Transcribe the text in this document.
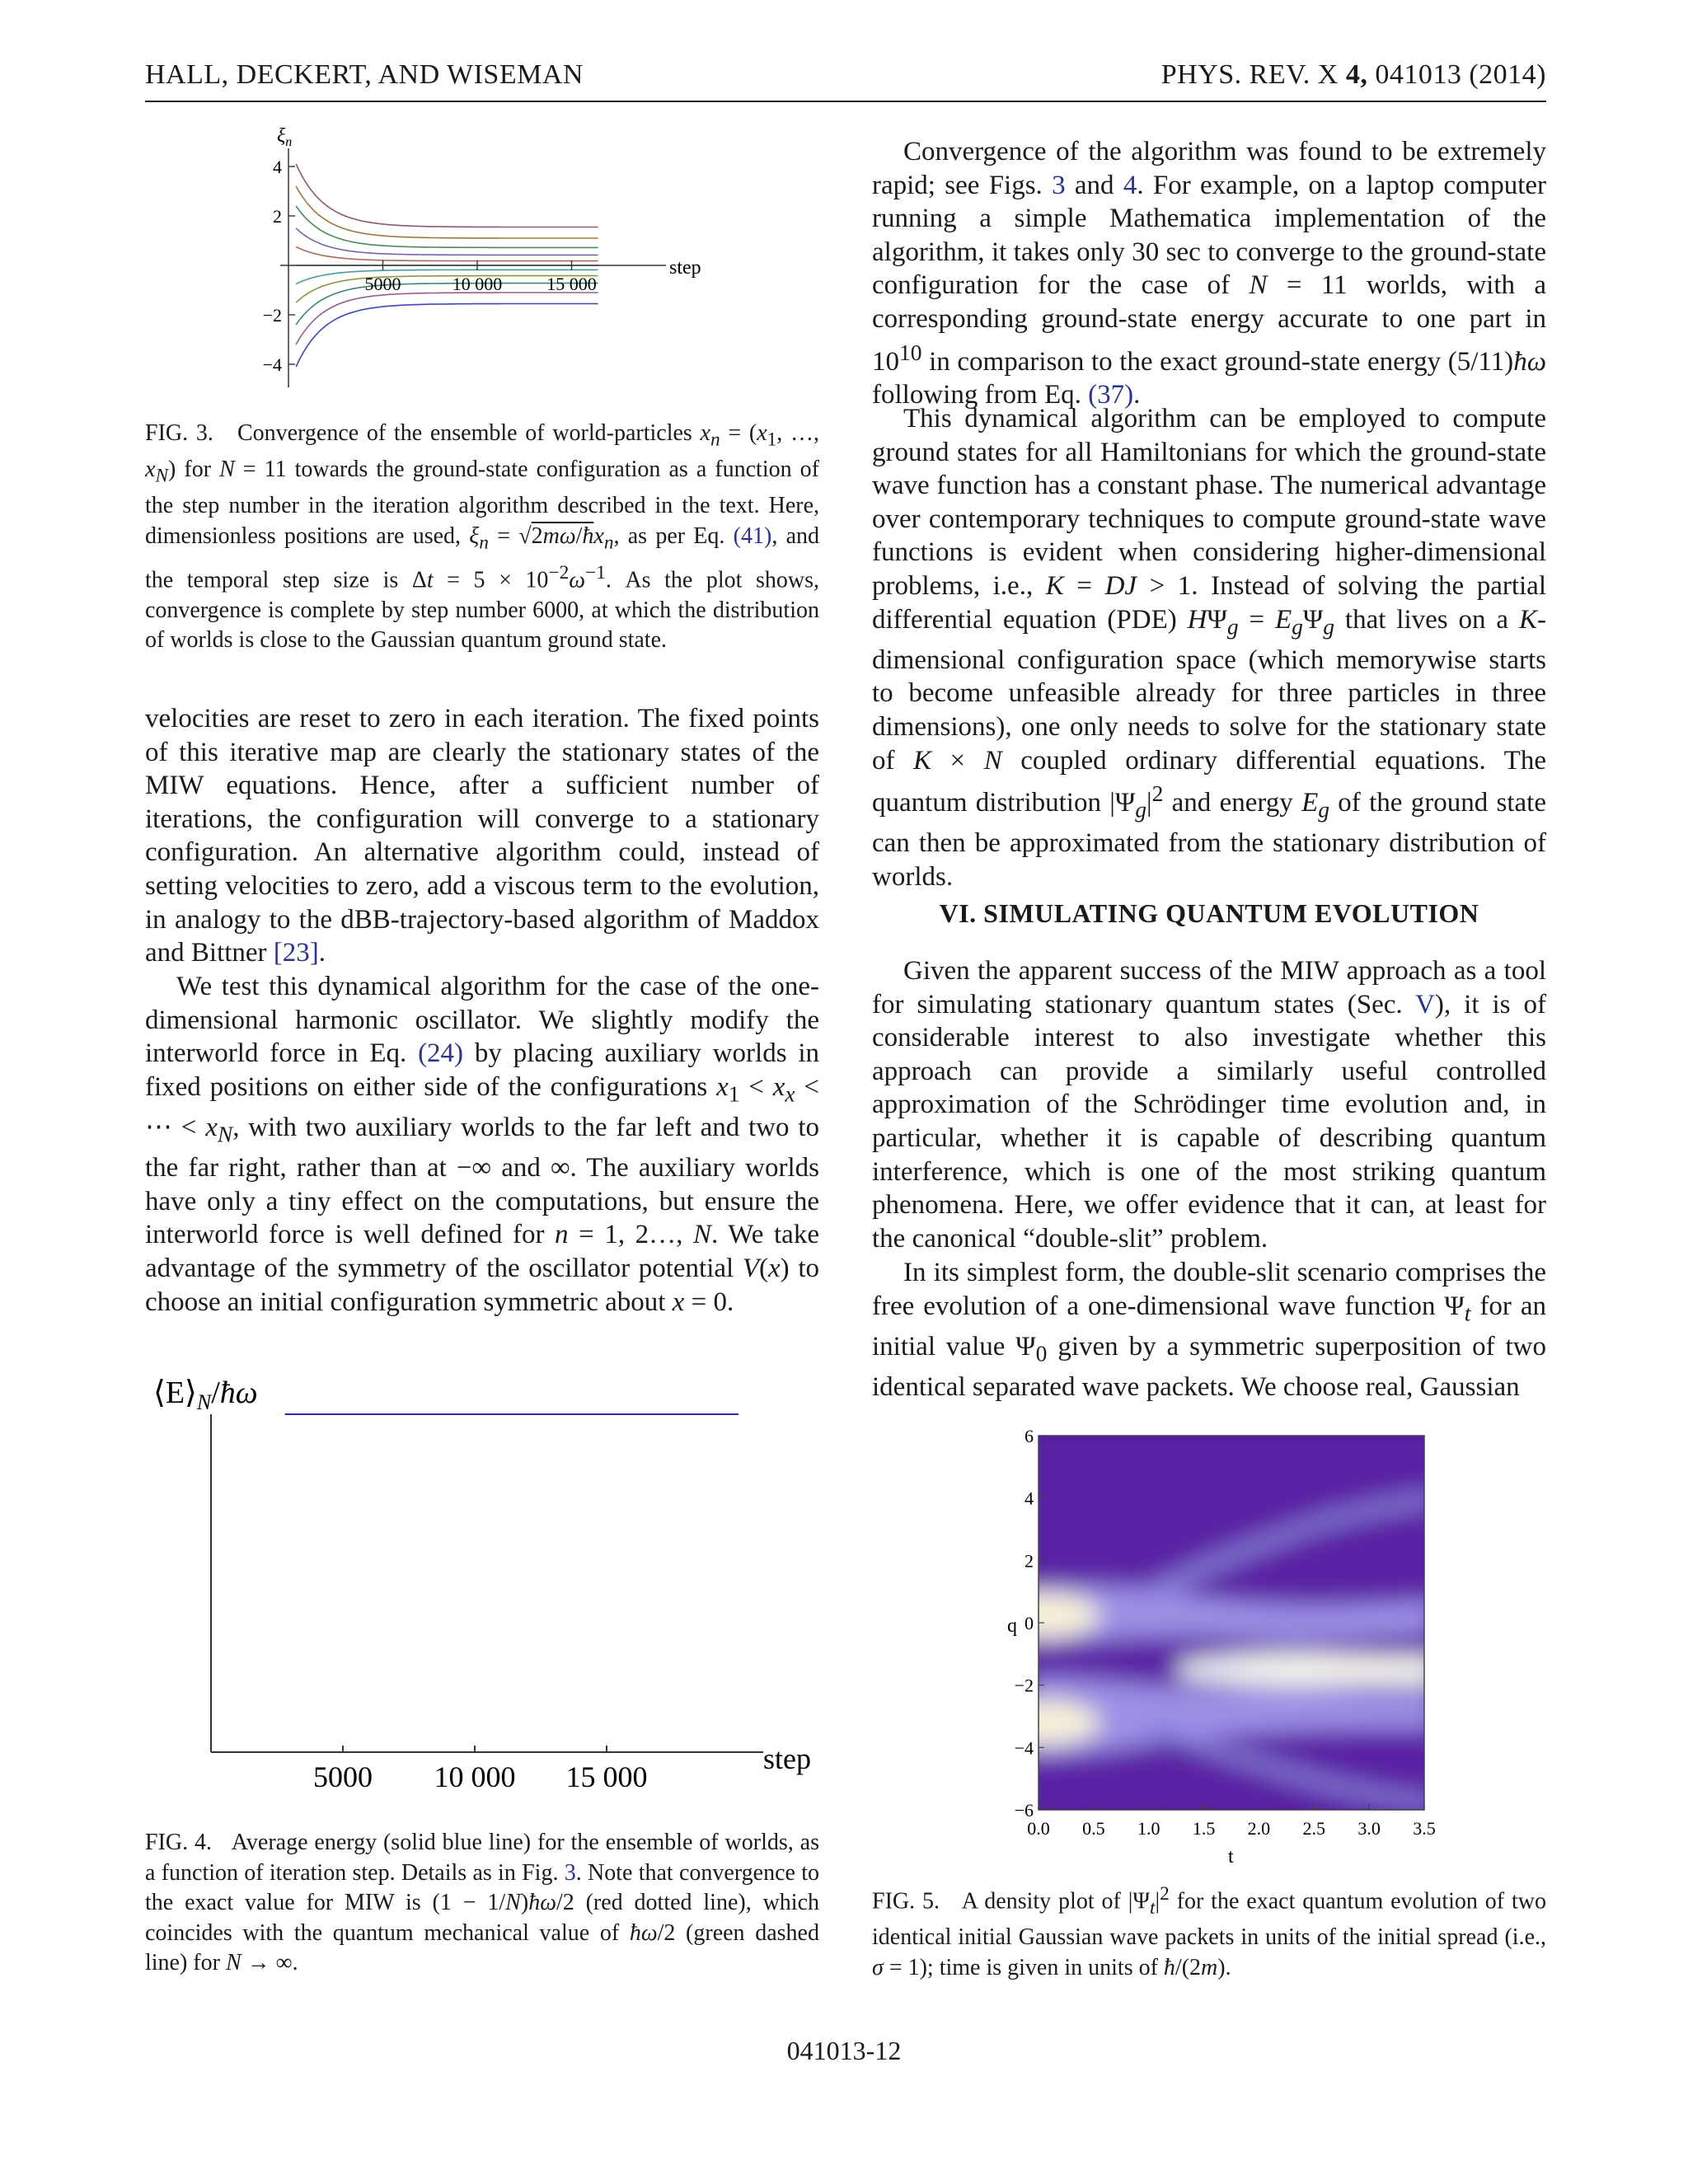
HALL, DECKERT, AND WISEMAN	PHYS. REV. X 4, 041013 (2014)
5000	10 000 15 000
−4
−2
2
4
$\xi_n$
step

FIG. 3.   Convergence of the ensemble of world-particles $x_n = (x_1$, …, $x_N$) for N = 11 towards the ground-state configuration as a function of the step number in the iteration algorithm described in the text. Here, dimensionless positions are used, $\xi_n$ = $√2m\omega/ħx_n$, as per Eq. (41), and the temporal step size is $\Delta t = 5 \times 10^{-2}\omega^{-1}$. As the plot shows, convergence is complete by step number 6000, at which the distribution of worlds is close to the Gaussian quantum ground state.

velocities are reset to zero in each iteration. The fixed points of this iterative map are clearly the stationary states of the MIW equations. Hence, after a sufficient number of iterations, the configuration will converge to a stationary configuration. An alternative algorithm could, instead of setting velocities to zero, add a viscous term to the evolution, in analogy to the dBB-trajectory-based algorithm of Maddox and Bittner [23].

We test this dynamical algorithm for the case of the one-dimensional harmonic oscillator. We slightly modify the interworld force in Eq. (24) by placing auxiliary worlds in fixed positions on either side of the configurations $x_1 < x_x$ < ⋯ < $x_N$, with two auxiliary worlds to the far left and two to the far right, rather than at −∞ and ∞. The auxiliary worlds have only a tiny effect on the computations, but ensure the interworld force is well defined for n = 1, 2…, N. We take advantage of the symmetry of the oscillator potential V(x) to choose an initial configuration symmetric about x = 0.

5000 10 000 15 000
$⟨E⟩_N/ħ\omega$
step

FIG. 4.   Average energy (solid blue line) for the ensemble of worlds, as a function of iteration step. Details as in Fig. 3. Note that convergence to the exact value for MIW is (1 − 1/N)ħω/2 (red dotted line), which coincides with the quantum mechanical value of ħω/2 (green dashed line) for N → ∞.

Convergence of the algorithm was found to be extremely rapid; see Figs. 3 and 4. For example, on a laptop computer running a simple Mathematica implementation of the algorithm, it takes only 30 sec to converge to the ground-state configuration for the case of N = 11 worlds, with a corresponding ground-state energy accurate to one part in $10^{10}$ in comparison to the exact ground-state energy (5/11)ħω following from Eq. (37).

This dynamical algorithm can be employed to compute ground states for all Hamiltonians for which the ground-state wave function has a constant phase. The numerical advantage over contemporary techniques to compute ground-state wave functions is evident when considering higher-dimensional problems, i.e., K = DJ > 1. Instead of solving the partial differential equation (PDE) $H\Psi_g = E_g\Psi_g$ that lives on a K-dimensional configuration space (which memorywise starts to become unfeasible already for three particles in three dimensions), one only needs to solve for the stationary state of K × N coupled ordinary differential equations. The quantum distribution $|\Psi_g|^2$ and energy $E_g$ of the ground state can then be approximated from the stationary distribution of worlds.

VI. SIMULATING QUANTUM EVOLUTION

Given the apparent success of the MIW approach as a tool for simulating stationary quantum states (Sec. V), it is of considerable interest to also investigate whether this approach can provide a similarly useful controlled approximation of the Schrödinger time evolution and, in particular, whether it is capable of describing quantum interference, which is one of the most striking quantum phenomena. Here, we offer evidence that it can, at least for the canonical “double-slit” problem.

In its simplest form, the double-slit scenario comprises the free evolution of a one-dimensional wave function $\Psi_t$ for an initial value $\Psi_0$ given by a symmetric superposition of two identical separated wave packets. We choose real, Gaussian

0.0 0.5 1.0 1.5 2.0 2.5 3.0 3.5
−6
−4
−2
0
2
4
6
q
t

FIG. 5.   A density plot of $|\Psi_t|^2$ for the exact quantum evolution of two identical initial Gaussian wave packets in units of the initial spread (i.e., σ = 1); time is given in units of ħ/(2m).

041013-12
